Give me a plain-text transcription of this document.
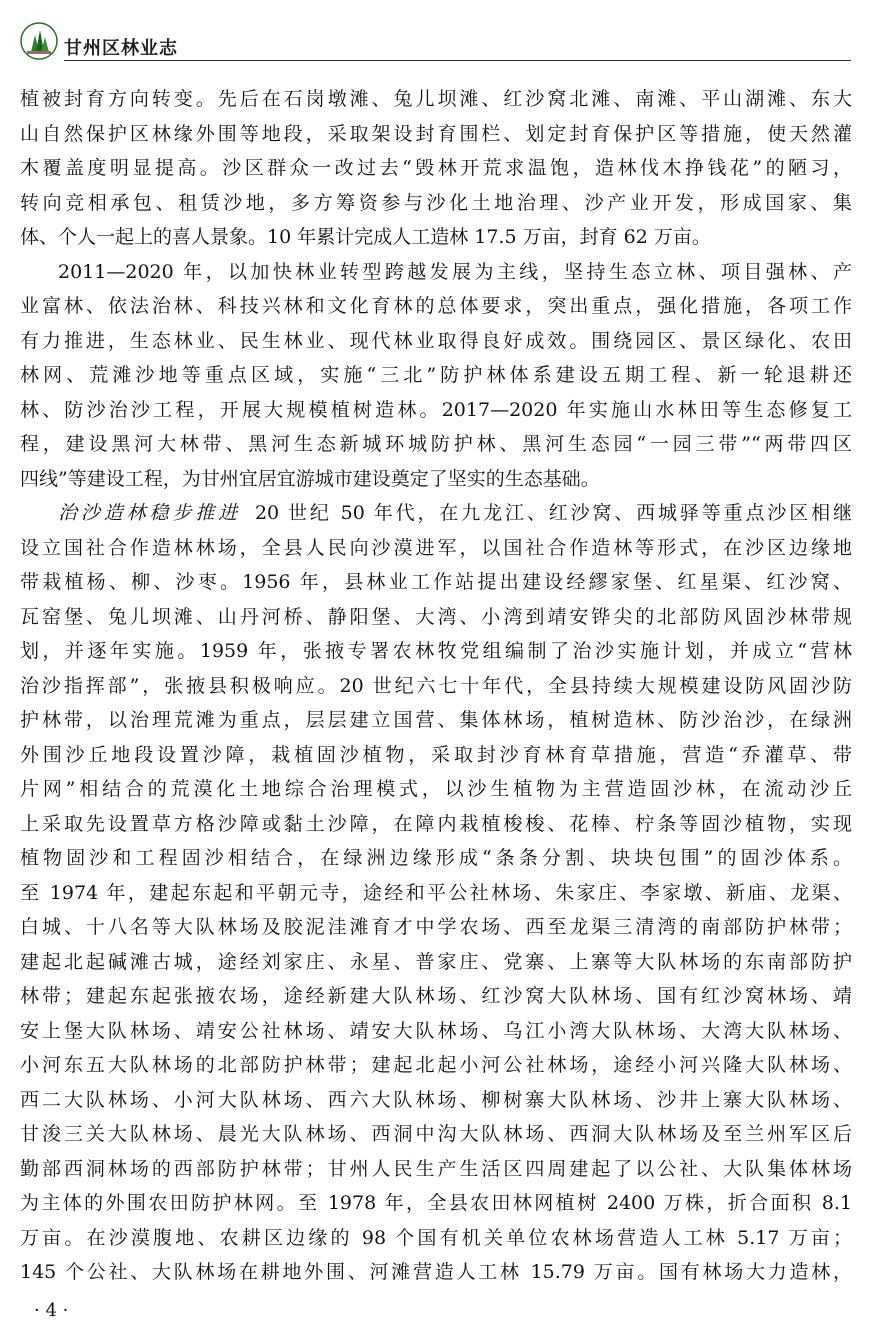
甘州区林业志
植被封育方向转变。先后在石岗墩滩、兔儿坝滩、红沙窝北滩、南滩、平山湖滩、东大
山自然保护区林缘外围等地段，采取架设封育围栏、划定封育保护区等措施，使天然灌
木覆盖度明显提高。沙区群众一改过去“毁林开荒求温饱，造林伐木挣钱花”的陋习，
转向竞相承包、租赁沙地，多方筹资参与沙化土地治理、沙产业开发，形成国家、集
体、个人一起上的喜人景象。10 年累计完成人工造林 17.5 万亩，封育 62 万亩。
2011—2020 年，以加快林业转型跨越发展为主线，坚持生态立林、项目强林、产
业富林、依法治林、科技兴林和文化育林的总体要求，突出重点，强化措施，各项工作
有力推进，生态林业、民生林业、现代林业取得良好成效。围绕园区、景区绿化、农田
林网、荒滩沙地等重点区域，实施“三北”防护林体系建设五期工程、新一轮退耕还
林、防沙治沙工程，开展大规模植树造林。2017—2020 年实施山水林田等生态修复工
程，建设黑河大林带、黑河生态新城环城防护林、黑河生态园“一园三带”“两带四区
四线”等建设工程，为甘州宜居宜游城市建设奠定了坚实的生态基础。
治沙造林稳步推进 20 世纪 50 年代，在九龙江、红沙窝、西城驿等重点沙区相继
设立国社合作造林林场，全县人民向沙漠进军，以国社合作造林等形式，在沙区边缘地
带栽植杨、柳、沙枣。1956 年，县林业工作站提出建设经繆家堡、红星渠、红沙窝、
瓦窑堡、兔儿坝滩、山丹河桥、静阳堡、大湾、小湾到靖安铧尖的北部防风固沙林带规
划，并逐年实施。1959 年，张掖专署农林牧党组编制了治沙实施计划，并成立“营林
治沙指挥部”，张掖县积极响应。20 世纪六七十年代，全县持续大规模建设防风固沙防
护林带，以治理荒滩为重点，层层建立国营、集体林场，植树造林、防沙治沙，在绿洲
外围沙丘地段设置沙障，栽植固沙植物，采取封沙育林育草措施，营造“乔灌草、带
片网”相结合的荒漠化土地综合治理模式，以沙生植物为主营造固沙林，在流动沙丘
上采取先设置草方格沙障或黏土沙障，在障内栽植梭梭、花棒、柠条等固沙植物，实现
植物固沙和工程固沙相结合，在绿洲边缘形成“条条分割、块块包围”的固沙体系。
至 1974 年，建起东起和平朝元寺，途经和平公社林场、朱家庄、李家墩、新庙、龙渠、
白城、十八名等大队林场及胶泥洼滩育才中学农场、西至龙渠三清湾的南部防护林带；
建起北起碱滩古城，途经刘家庄、永星、普家庄、党寨、上寨等大队林场的东南部防护
林带；建起东起张掖农场，途经新建大队林场、红沙窝大队林场、国有红沙窝林场、靖
安上堡大队林场、靖安公社林场、靖安大队林场、乌江小湾大队林场、大湾大队林场、
小河东五大队林场的北部防护林带；建起北起小河公社林场，途经小河兴隆大队林场、
西二大队林场、小河大队林场、西六大队林场、柳树寨大队林场、沙井上寨大队林场、
甘浚三关大队林场、晨光大队林场、西洞中沟大队林场、西洞大队林场及至兰州军区后
勤部西洞林场的西部防护林带；甘州人民生产生活区四周建起了以公社、大队集体林场
为主体的外围农田防护林网。至 1978 年，全县农田林网植树 2400 万株，折合面积 8.1
万亩。在沙漠腹地、农耕区边缘的 98 个国有机关单位农林场营造人工林 5.17 万亩；
145 个公社、大队林场在耕地外围、河滩营造人工林 15.79 万亩。国有林场大力造林，
· 4 ·
